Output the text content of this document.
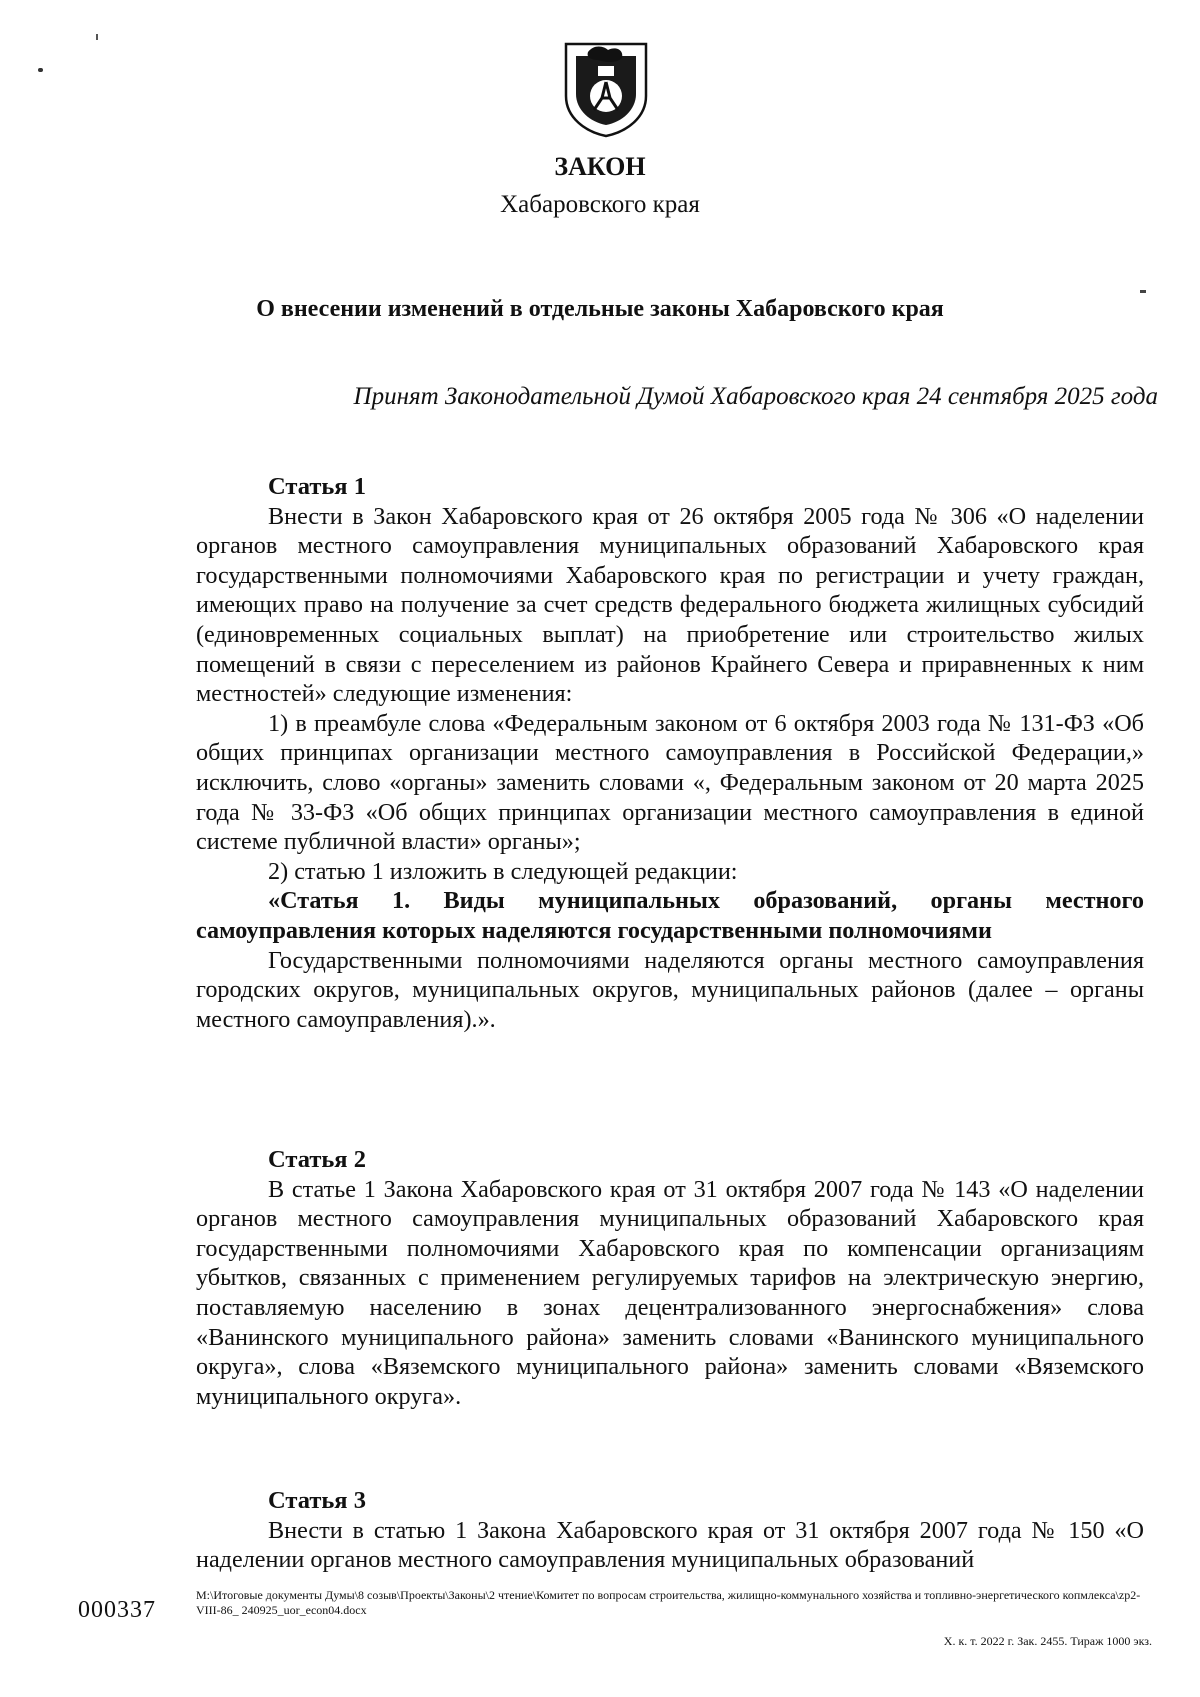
ЗАКОН
Хабаровского края
О внесении изменений в отдельные законы Хабаровского края
Принят Законодательной Думой Хабаровского края 24 сентября 2025 года

Статья 1

Внести в Закон Хабаровского края от 26 октября 2005 года № 306 «О наделении органов местного самоуправления муниципальных образований Хабаровского края государственными полномочиями Хабаровского края по регистрации и учету граждан, имеющих право на получение за счет средств федерального бюджета жилищных субсидий (единовременных социальных выплат) на приобретение или строительство жилых помещений в связи с переселением из районов Крайнего Севера и приравненных к ним местностей» следующие изменения:

1) в преамбуле слова «Федеральным законом от 6 октября 2003 года № 131-ФЗ «Об общих принципах организации местного самоуправления в Российской Федерации,» исключить, слово «органы» заменить словами «, Федеральным законом от 20 марта 2025 года № 33-ФЗ «Об общих принципах организации местного самоуправления в единой системе публичной власти» органы»;

2) статью 1 изложить в следующей редакции:

«Статья 1. Виды муниципальных образований, органы местного самоуправления которых наделяются государственными полномочиями

Государственными полномочиями наделяются органы местного самоуправления городских округов, муниципальных округов, муниципальных районов (далее – органы местного самоуправления).».

Статья 2

В статье 1 Закона Хабаровского края от 31 октября 2007 года № 143 «О наделении органов местного самоуправления муниципальных образований Хабаровского края государственными полномочиями Хабаровского края по компенсации организациям убытков, связанных с применением регулируемых тарифов на электрическую энергию, поставляемую населению в зонах децентрализованного энергоснабжения» слова «Ванинского муниципального района» заменить словами «Ванинского муниципального округа», слова «Вяземского муниципального района» заменить словами «Вяземского муниципального округа».

Статья 3

Внести в статью 1 Закона Хабаровского края от 31 октября 2007 года № 150 «О наделении органов местного самоуправления муниципальных образований

000337
M:\Итоговые документы Думы\8 созыв\Проекты\Законы\2 чтение\Комитет по вопросам строительства, жилищно-коммунального хозяйства и топливно-энергетического копмлекса\zp2-VIII-86_ 240925_uor_econ04.docx
Х. к. т. 2022 г. Зак. 2455. Тираж 1000 экз.
